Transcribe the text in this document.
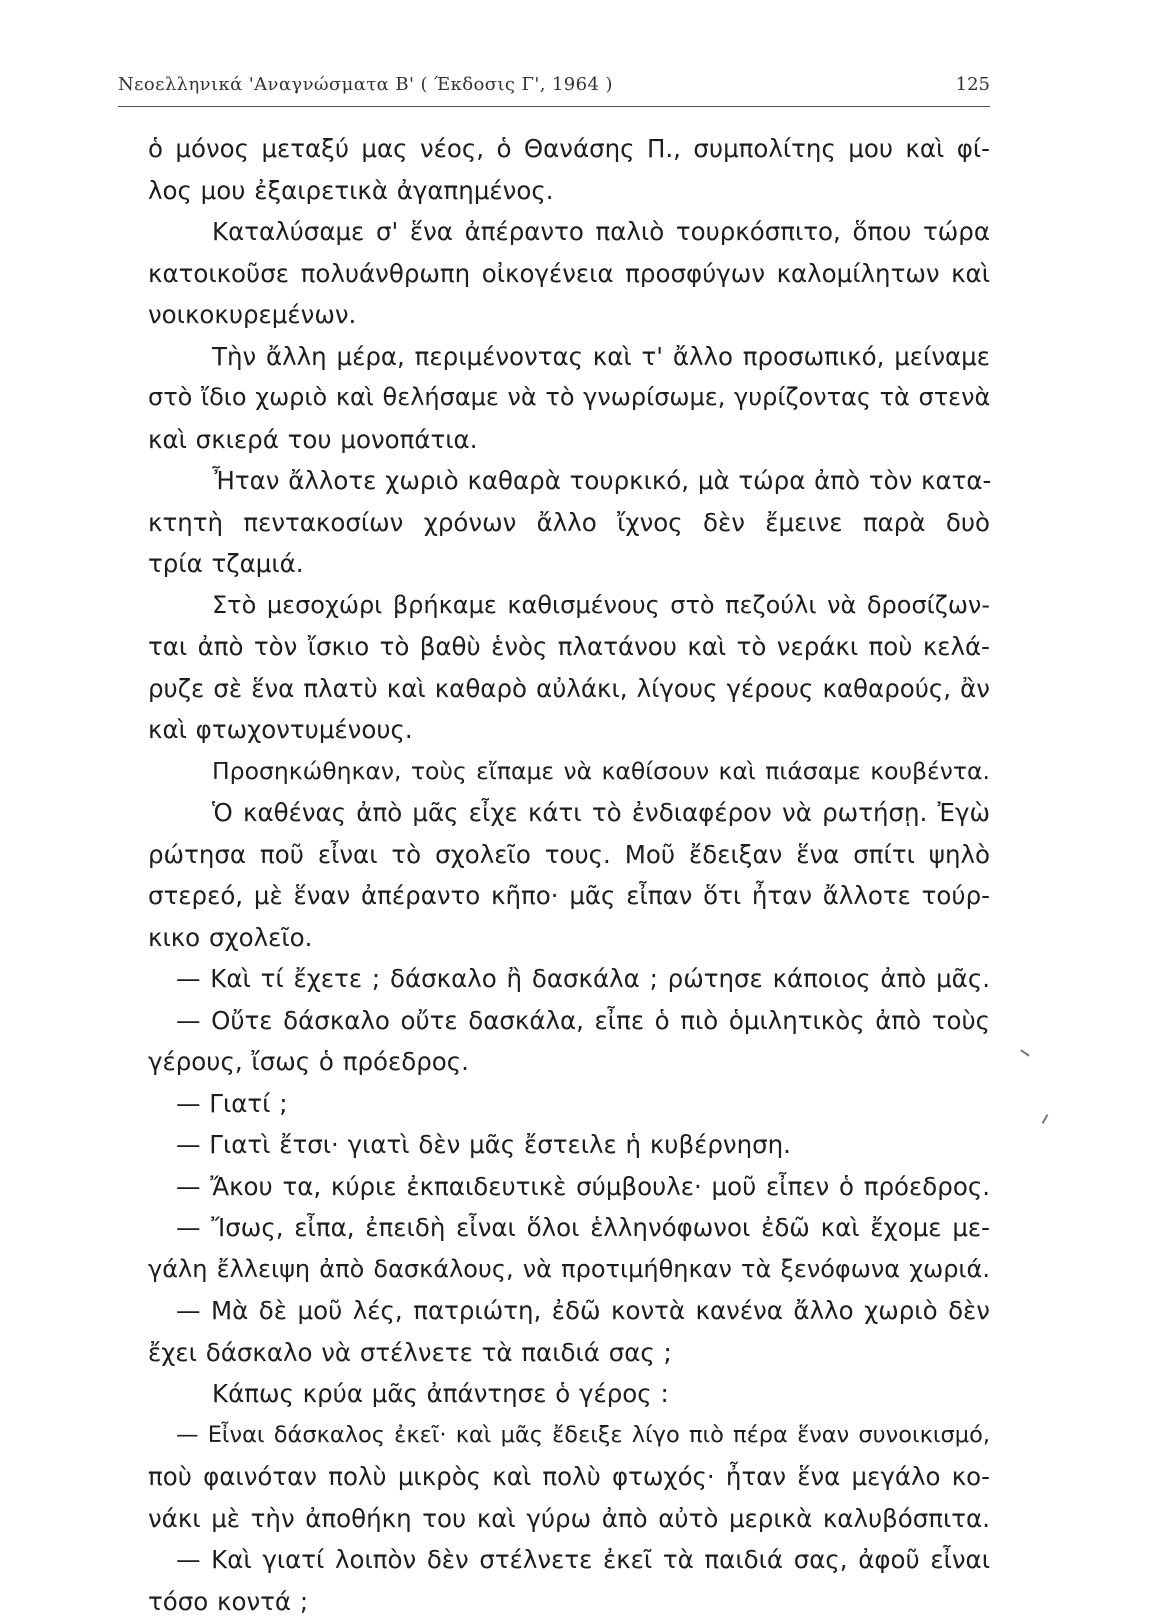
Νεοελληνικά 'Αναγνώσματα Β' ( Έκδοσις Γ', 1964 )	125
ὁ μόνος μεταξύ μας νέος, ὁ Θανάσης Π., συμπολίτης μου καὶ φί-
λος μου ἐξαιρετικὰ ἀγαπημένος.
Καταλύσαμε σ' ἕνα ἀπέραντο παλιὸ τουρκόσπιτο, ὅπου τώρα
κατοικοῦσε πολυάνθρωπη οἰκογένεια προσφύγων καλομίλητων καὶ
νοικοκυρεμένων.
Τὴν ἄλλη μέρα, περιμένοντας καὶ τ' ἄλλο προσωπικό, μείναμε
στὸ ἴδιο χωριὸ καὶ θελήσαμε νὰ τὸ γνωρίσωμε, γυρίζοντας τὰ στενὰ
καὶ σκιερά του μονοπάτια.
Ἦταν ἄλλοτε χωριὸ καθαρὰ τουρκικό, μὰ τώρα ἀπὸ τὸν κατα-
κτητὴ πεντακοσίων χρόνων ἄλλο ἴχνος δὲν ἔμεινε παρὰ δυὸ
τρία τζαμιά.
Στὸ μεσοχώρι βρήκαμε καθισμένους στὸ πεζούλι νὰ δροσίζων-
ται ἀπὸ τὸν ἴσκιο τὸ βαθὺ ἑνὸς πλατάνου καὶ τὸ νεράκι ποὺ κελά-
ρυζε σὲ ἕνα πλατὺ καὶ καθαρὸ αὐλάκι, λίγους γέρους καθαρούς, ἂν
καὶ φτωχοντυμένους.
Προσηκώθηκαν, τοὺς εἴπαμε νὰ καθίσουν καὶ πιάσαμε κουβέντα.
Ὁ καθένας ἀπὸ μᾶς εἶχε κάτι τὸ ἐνδιαφέρον νὰ ρωτήσῃ. Ἐγὼ
ρώτησα ποῦ εἶναι τὸ σχολεῖο τους. Μοῦ ἔδειξαν ἕνα σπίτι ψηλὸ
στερεό, μὲ ἕναν ἀπέραντο κῆπο· μᾶς εἶπαν ὅτι ἦταν ἄλλοτε τούρ-
κικο σχολεῖο.
— Καὶ τί ἔχετε ; δάσκαλο ἢ δασκάλα ; ρώτησε κάποιος ἀπὸ μᾶς.
— Οὔτε δάσκαλο οὔτε δασκάλα, εἶπε ὁ πιὸ ὁμιλητικὸς ἀπὸ τοὺς
γέρους, ἴσως ὁ πρόεδρος.
— Γιατί ;
— Γιατὶ ἔτσι· γιατὶ δὲν μᾶς ἔστειλε ἡ κυβέρνηση.
— Ἄκου τα, κύριε ἐκπαιδευτικὲ σύμβουλε· μοῦ εἶπεν ὁ πρόεδρος.
— Ἴσως, εἶπα, ἐπειδὴ εἶναι ὅλοι ἑλληνόφωνοι ἐδῶ καὶ ἔχομε με-
γάλη ἔλλειψη ἀπὸ δασκάλους, νὰ προτιμήθηκαν τὰ ξενόφωνα χωριά.
— Μὰ δὲ μοῦ λές, πατριώτη, ἐδῶ κοντὰ κανένα ἄλλο χωριὸ δὲν
ἔχει δάσκαλο νὰ στέλνετε τὰ παιδιά σας ;
Κάπως κρύα μᾶς ἀπάντησε ὁ γέρος :
— Εἶναι δάσκαλος ἐκεῖ· καὶ μᾶς ἔδειξε λίγο πιὸ πέρα ἕναν συνοικισμό,
ποὺ φαινόταν πολὺ μικρὸς καὶ πολὺ φτωχός· ἦταν ἕνα μεγάλο κο-
νάκι μὲ τὴν ἀποθήκη του καὶ γύρω ἀπὸ αὐτὸ μερικὰ καλυβόσπιτα.
— Καὶ γιατί λοιπὸν δὲν στέλνετε ἐκεῖ τὰ παιδιά σας, ἀφοῦ εἶναι
τόσο κοντά ;
